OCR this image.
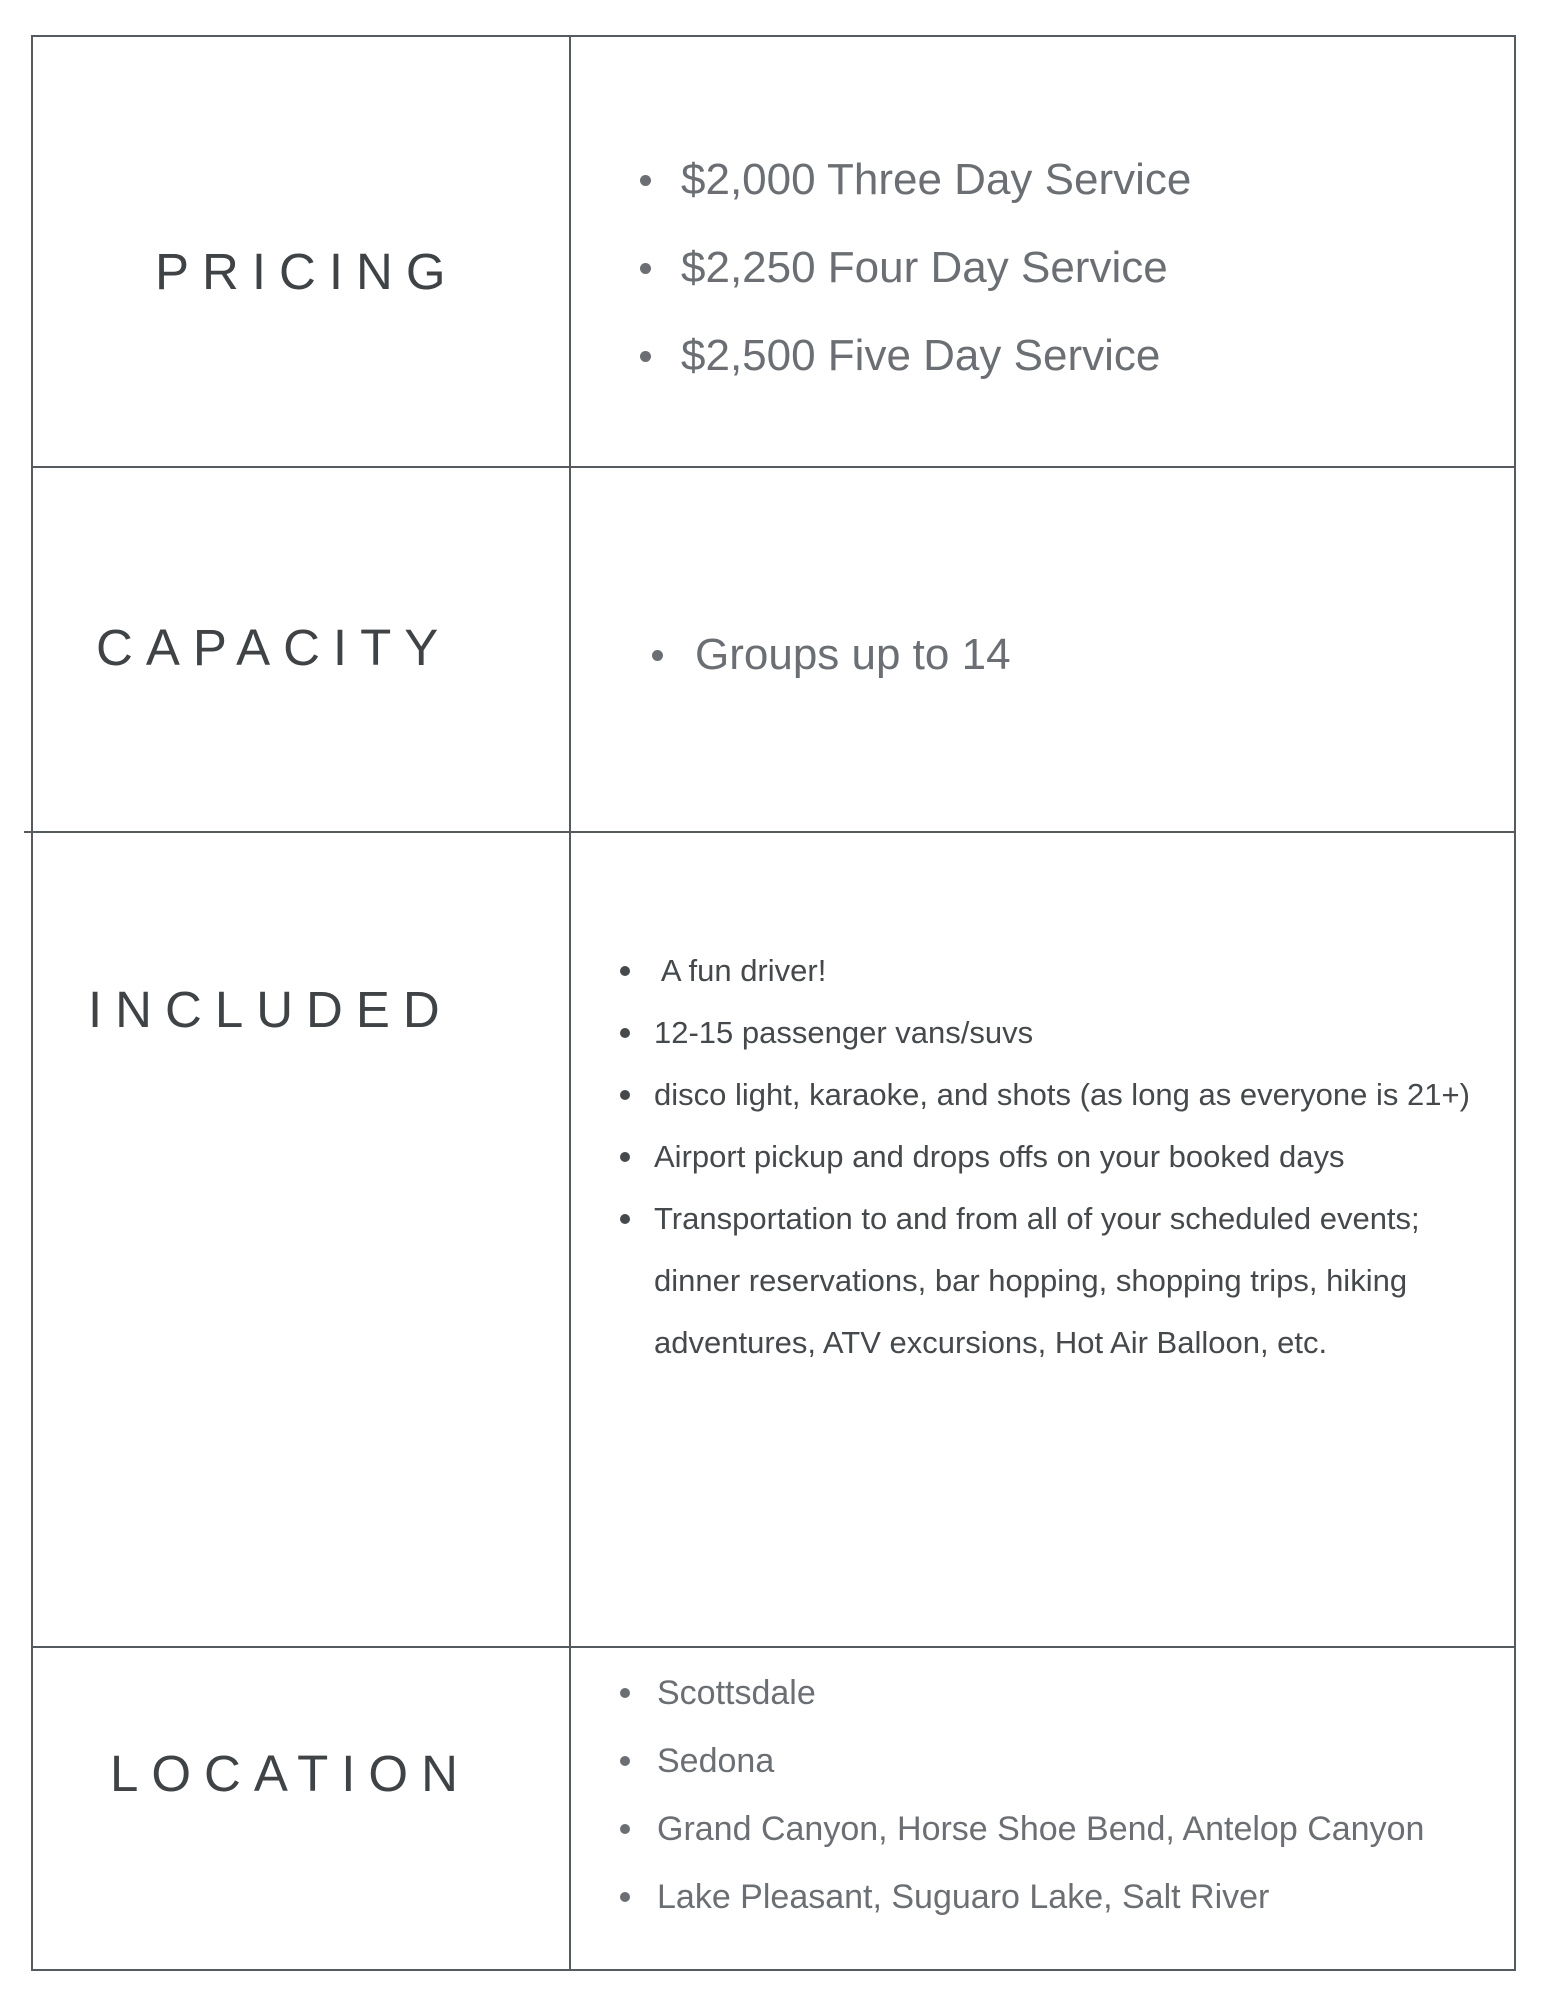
PRICING
$2,000 Three Day Service
$2,250 Four Day Service
$2,500 Five Day Service
CAPACITY	Groups up to 14
INCLUDED
A fun driver!
12-15 passenger vans/suvs
disco light, karaoke, and shots (as long as everyone is 21+)
Airport pickup and drops offs on your booked days
Transportation to and from all of your scheduled events; dinner reservations, bar hopping, shopping trips, hiking adventures, ATV excursions, Hot Air Balloon, etc.
LOCATION
Scottsdale
Sedona
Grand Canyon, Horse Shoe Bend, Antelop Canyon
Lake Pleasant, Suguaro Lake, Salt River
